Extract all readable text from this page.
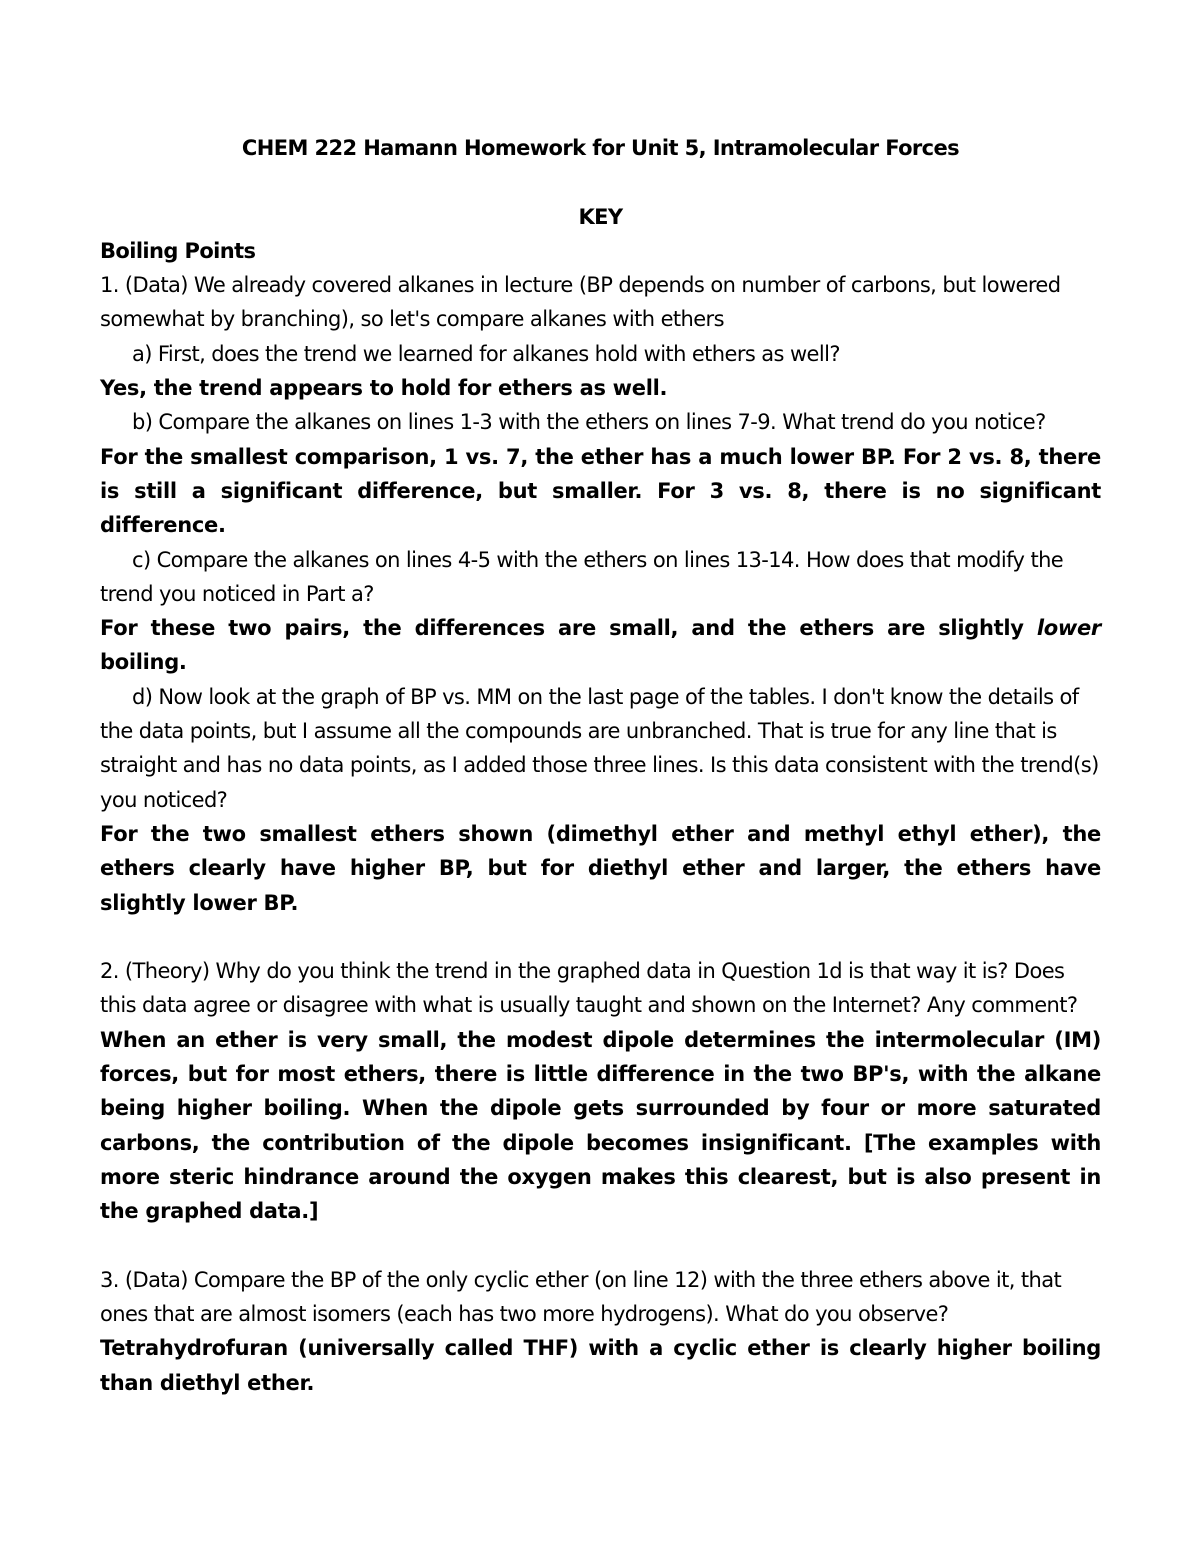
CHEM 222 Hamann Homework for Unit 5, Intramolecular Forces

KEY

Boiling Points

1. (Data) We already covered alkanes in lecture (BP depends on number of carbons, but lowered somewhat by branching), so let's compare alkanes with ethers

a) First, does the trend we learned for alkanes hold with ethers as well?

Yes, the trend appears to hold for ethers as well.

b) Compare the alkanes on lines 1-3 with the ethers on lines 7-9. What trend do you notice?

For the smallest comparison, 1 vs. 7, the ether has a much lower BP. For 2 vs. 8, there is still a significant difference, but smaller. For 3 vs. 8, there is no significant difference.

c) Compare the alkanes on lines 4-5 with the ethers on lines 13-14. How does that modify the trend you noticed in Part a?

For these two pairs, the differences are small, and the ethers are slightly lower boiling.

d) Now look at the graph of BP vs. MM on the last page of the tables. I don't know the details of the data points, but I assume all the compounds are unbranched. That is true for any line that is straight and has no data points, as I added those three lines. Is this data consistent with the trend(s) you noticed?

For the two smallest ethers shown (dimethyl ether and methyl ethyl ether), the ethers clearly have higher BP, but for diethyl ether and larger, the ethers have slightly lower BP.

2. (Theory) Why do you think the trend in the graphed data in Question 1d is that way it is? Does this data agree or disagree with what is usually taught and shown on the Internet? Any comment?

When an ether is very small, the modest dipole determines the intermolecular (IM) forces, but for most ethers, there is little difference in the two BP's, with the alkane being higher boiling. When the dipole gets surrounded by four or more saturated carbons, the contribution of the dipole becomes insignificant. [The examples with more steric hindrance around the oxygen makes this clearest, but is also present in the graphed data.]

3. (Data) Compare the BP of the only cyclic ether (on line 12) with the three ethers above it, that ones that are almost isomers (each has two more hydrogens). What do you observe?

Tetrahydrofuran (universally called THF) with a cyclic ether is clearly higher boiling than diethyl ether.
